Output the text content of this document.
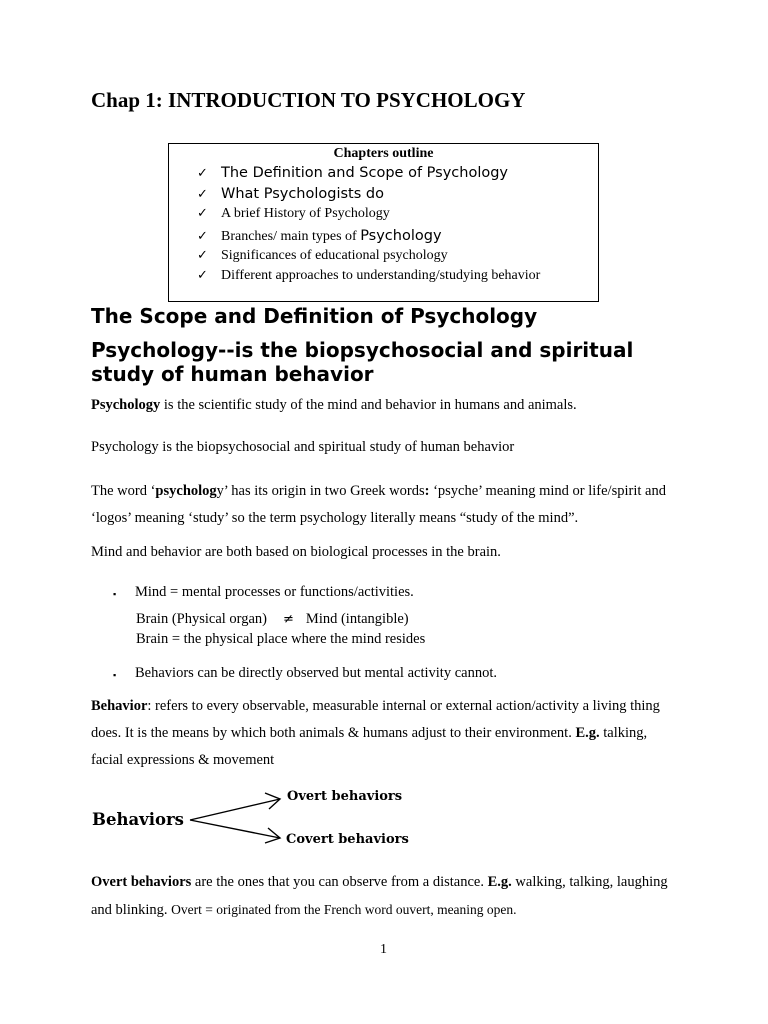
Chap 1: INTRODUCTION TO PSYCHOLOGY
Chapters outline
✓ The Definition and Scope of Psychology
✓ What Psychologists do
✓ A brief History of Psychology
✓ Branches/ main types of Psychology
✓ Significances of educational psychology
✓ Different approaches to understanding/studying behavior
The Scope and Definition of Psychology
Psychology--is the biopsychosocial and spiritual study of human behavior

Psychology is the scientific study of the mind and behavior in humans and animals.

Psychology is the biopsychosocial and spiritual study of human behavior

The word ‘psychology’ has its origin in two Greek words: ‘psyche’ meaning mind or life/spirit and ‘logos’ meaning ‘study’ so the term psychology literally means “study of the mind”.

Mind and behavior are both based on biological processes in the brain.

▪	Mind = mental processes or functions/activities.
Brain (Physical organ) ≠ Mind (intangible)
Brain = the physical place where the mind resides
▪	Behaviors can be directly observed but mental activity cannot.

Behavior: refers to every observable, measurable internal or external action/activity a living thing does. It is the means by which both animals & humans adjust to their environment. E.g. talking, facial expressions & movement

Behaviors
Overt behaviors
Covert behaviors

Overt behaviors are the ones that you can observe from a distance. E.g. walking, talking, laughing and blinking. Overt = originated from the French word ouvert, meaning open.

1
